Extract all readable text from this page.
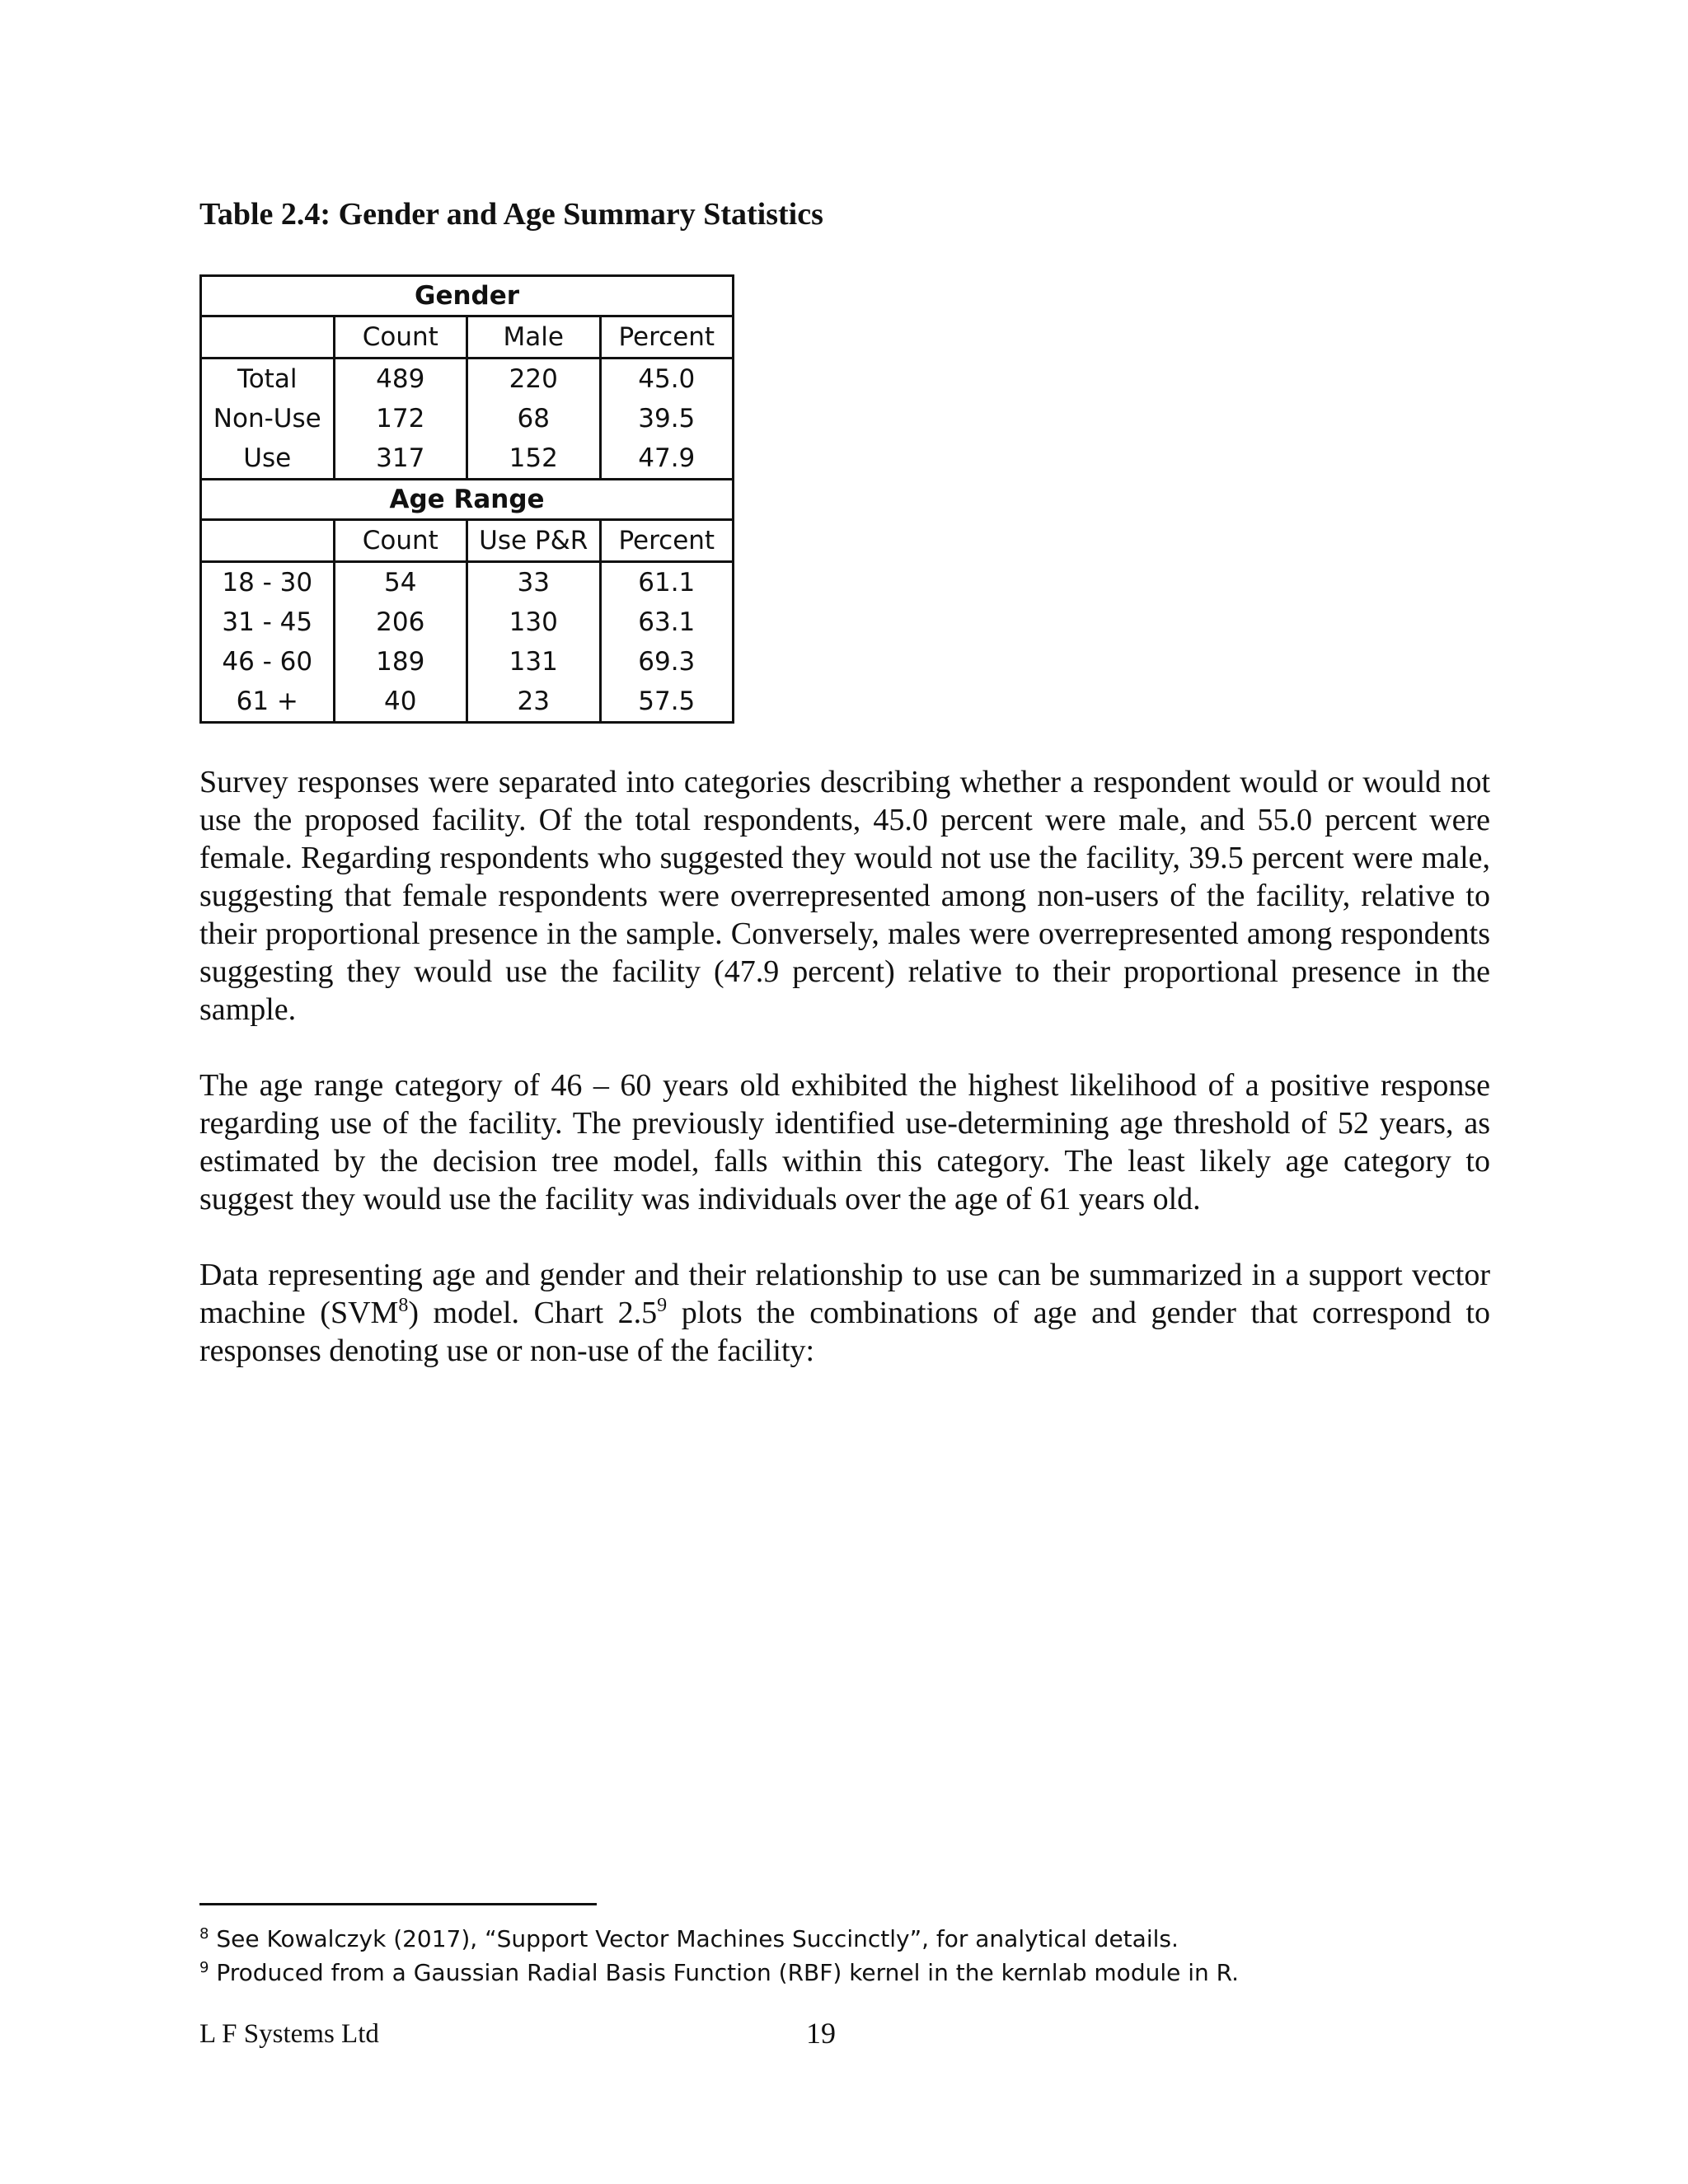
Table 2.4: Gender and Age Summary Statistics
Gender			
	Count	Male	Percent
Total	489	220	45.0
Non-Use	172	68	39.5
Use	317	152	47.9
Age Range			
	Count	Use P&R	Percent
18 - 30	54	33	61.1
31 - 45	206	130	63.1
46 - 60	189	131	69.3
61 +	40	23	57.5

Survey responses were separated into categories describing whether a respondent would or would not use the proposed facility. Of the total respondents, 45.0 percent were male, and 55.0 percent were female. Regarding respondents who suggested they would not use the facility, 39.5 percent were male, suggesting that female respondents were overrepresented among non-users of the facility, relative to their proportional presence in the sample. Conversely, males were overrepresented among respondents suggesting they would use the facility (47.9 percent) relative to their proportional presence in the sample.

The age range category of 46 – 60 years old exhibited the highest likelihood of a positive response regarding use of the facility. The previously identified use-determining age threshold of 52 years, as estimated by the decision tree model, falls within this category. The least likely age category to suggest they would use the facility was individuals over the age of 61 years old.

Data representing age and gender and their relationship to use can be summarized in a support vector machine (SVM$^8$) model. Chart $2.5^9$ plots the combinations of age and gender that correspond to responses denoting use or non-use of the facility:

$^8$ See Kowalczyk (2017), “Support Vector Machines Succinctly”, for analytical details.

$^9$ Produced from a Gaussian Radial Basis Function (RBF) kernel in the kernlab module in R.

L F Systems Ltd	19
